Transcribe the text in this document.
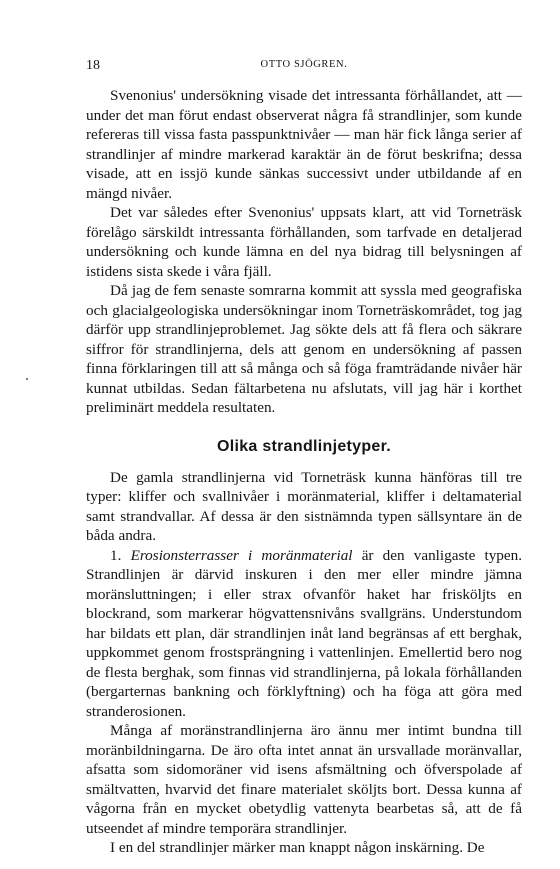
18	OTTO SJÖGREN.

Svenonius' undersökning visade det intressanta förhållandet, att — under det man förut endast observerat några få strandlinjer, som kunde refereras till vissa fasta passpunktnivåer — man här fick långa serier af strandlinjer af mindre markerad karaktär än de förut beskrifna; dessa visade, att en issjö kunde sänkas successivt under utbildande af en mängd nivåer.

Det var således efter Svenonius' uppsats klart, att vid Torneträsk förelågo särskildt intressanta förhållanden, som tarfvade en detaljerad undersökning och kunde lämna en del nya bidrag till belysningen af istidens sista skede i våra fjäll.

Då jag de fem senaste somrarna kommit att syssla med geografiska och glacialgeologiska undersökningar inom Torneträskområdet, tog jag därför upp strandlinjeproblemet. Jag sökte dels att få flera och säkrare siffror för strandlinjerna, dels att genom en undersökning af passen finna förklaringen till att så många och så föga framträdande nivåer här kunnat utbildas. Sedan fältarbetena nu afslutats, vill jag här i korthet preliminärt meddela resultaten.

Olika strandlinjetyper.

De gamla strandlinjerna vid Torneträsk kunna hänföras till tre typer: kliffer och svallnivåer i moränmaterial, kliffer i deltamaterial samt strandvallar. Af dessa är den sistnämnda typen sällsyntare än de båda andra.

1. Erosionsterrasser i moränmaterial är den vanligaste typen. Strandlinjen är därvid inskuren i den mer eller mindre jämna moränsluttningen; i eller strax ofvanför haket har frisköljts en blockrand, som markerar högvattensnivåns svallgräns. Understundom har bildats ett plan, där strandlinjen inåt land begränsas af ett berghak, uppkommet genom frostsprängning i vattenlinjen. Emellertid bero nog de flesta berghak, som finnas vid strandlinjerna, på lokala förhållanden (bergarternas bankning och förklyftning) och ha föga att göra med stranderosionen.

Många af moränstrandlinjerna äro ännu mer intimt bundna till moränbildningarna. De äro ofta intet annat än ursvallade moränvallar, afsatta som sidomoräner vid isens afsmältning och öfverspolade af smältvatten, hvarvid det finare materialet sköljts bort. Dessa kunna af vågorna från en mycket obetydlig vattenyta bearbetas så, att de få utseendet af mindre temporära strandlinjer.

I en del strandlinjer märker man knappt någon inskärning. De
